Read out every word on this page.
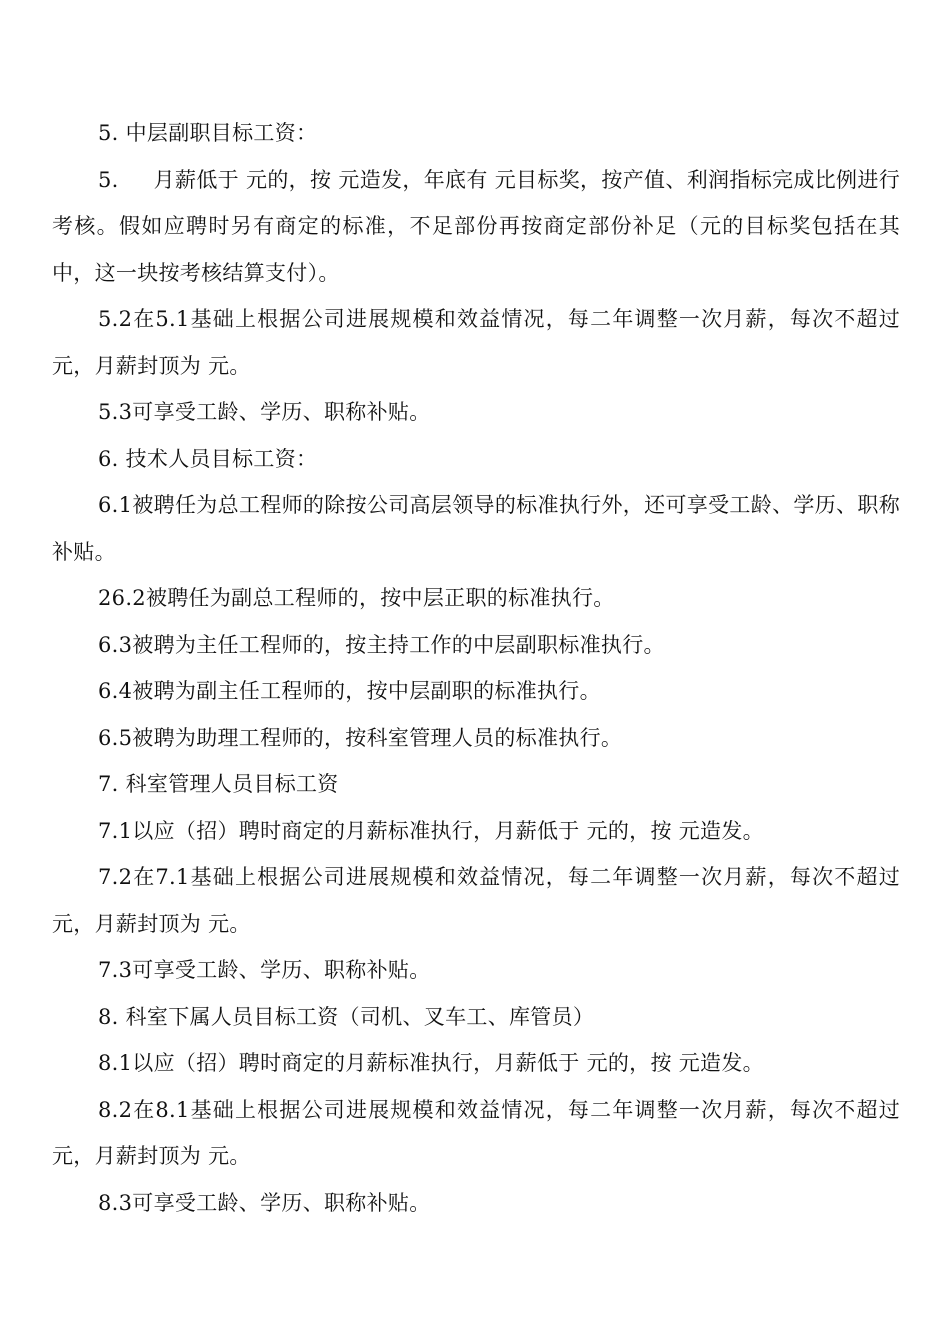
5. 中层副职目标工资：

5.     月薪低于 元的，按 元造发，年底有 元目标奖，按产值、利润指标完成比例进行考核。假如应聘时另有商定的标准，不足部份再按商定部份补足（元的目标奖包括在其中，这一块按考核结算支付）。

5.2在5.1基础上根据公司进展规模和效益情况，每二年调整一次月薪，每次不超过 元，月薪封顶为 元。

5.3可享受工龄、学历、职称补贴。

6. 技术人员目标工资：

6.1被聘任为总工程师的除按公司高层领导的标准执行外，还可享受工龄、学历、职称补贴。

26.2被聘任为副总工程师的，按中层正职的标准执行。

6.3被聘为主任工程师的，按主持工作的中层副职标准执行。

6.4被聘为副主任工程师的，按中层副职的标准执行。

6.5被聘为助理工程师的，按科室管理人员的标准执行。

7. 科室管理人员目标工资

7.1以应（招）聘时商定的月薪标准执行，月薪低于 元的，按 元造发。

7.2在7.1基础上根据公司进展规模和效益情况，每二年调整一次月薪，每次不超过 元，月薪封顶为 元。

7.3可享受工龄、学历、职称补贴。

8. 科室下属人员目标工资（司机、叉车工、库管员）

8.1以应（招）聘时商定的月薪标准执行，月薪低于 元的，按 元造发。

8.2在8.1基础上根据公司进展规模和效益情况，每二年调整一次月薪，每次不超过 元，月薪封顶为 元。

8.3可享受工龄、学历、职称补贴。
